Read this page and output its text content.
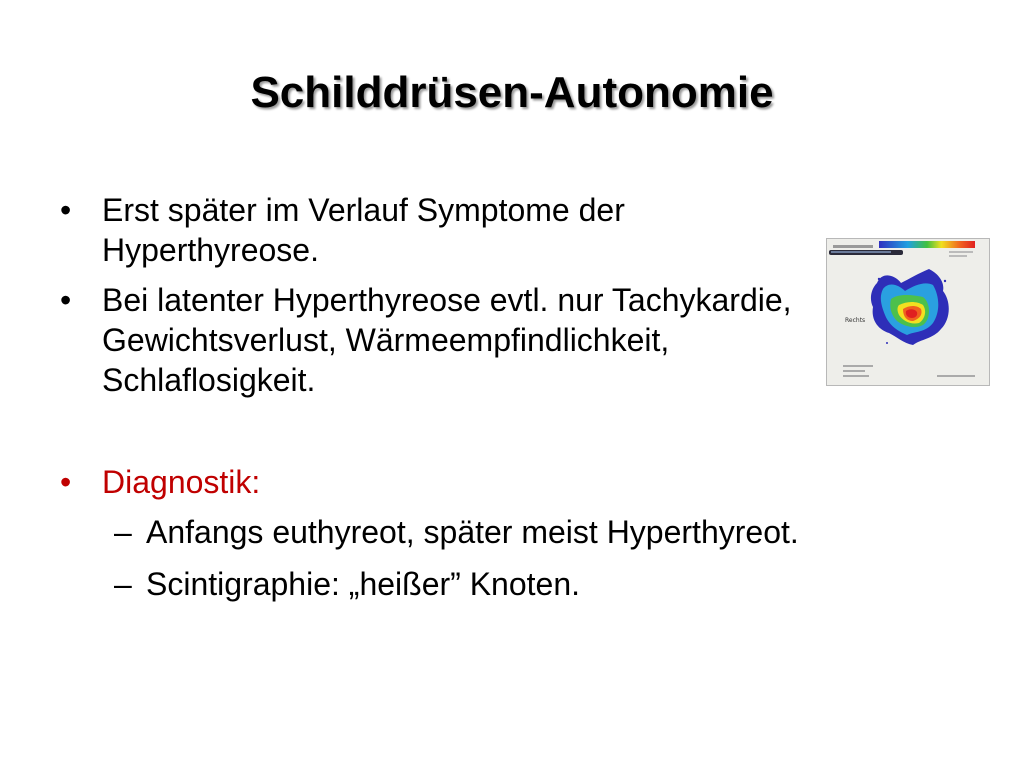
Schilddrüsen-Autonomie
• Erst später im Verlauf Symptome der Hyperthyreose.
• Bei latenter Hyperthyreose evtl. nur Tachykardie, Gewichtsverlust, Wärmeempfindlichkeit, Schlaflosigkeit.
• Diagnostik:
– Anfangs euthyreot, später meist Hyperthyreot.
– Scintigraphie: „heißer” Knoten.
Rechts
